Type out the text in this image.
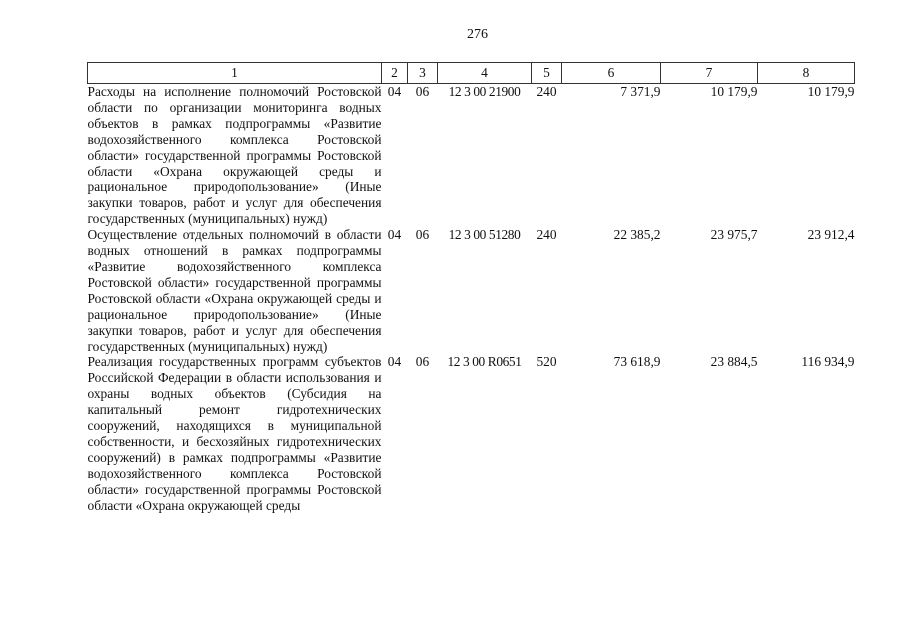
276
1	2	3	4	5	6	7	8
Расходы на исполнение полномочий Ростовской области по организации мониторинга водных объектов в рамках подпрограммы «Развитие водохозяйственного комплекса Ростовской области» государственной программы Ростовской области «Охрана окружающей среды и рациональное природопользование» (Иные закупки товаров, работ и услуг для обеспечения государственных (муниципальных) нужд)	04	06	12 3 00 21900	240	7 371,9	10 179,9	10 179,9
Осуществление отдельных полномочий в области водных отношений в рамках подпрограммы «Развитие водохозяйственного комплекса Ростовской области» государственной программы Ростовской области «Охрана окружающей среды и рациональное природопользование» (Иные закупки товаров, работ и услуг для обеспечения государственных (муниципальных) нужд)	04	06	12 3 00 51280	240	22 385,2	23 975,7	23 912,4
Реализация государственных программ субъектов Российской Федерации в области использования и охраны водных объектов (Субсидия на капитальный ремонт гидротехнических сооружений, находящихся в муниципальной собственности, и бесхозяйных гидротехнических сооружений) в рамках подпрограммы «Развитие водохозяйственного комплекса Ростовской области» государственной программы Ростовской области «Охрана окружающей среды	04	06	12 3 00 R0651	520	73 618,9	23 884,5	116 934,9
